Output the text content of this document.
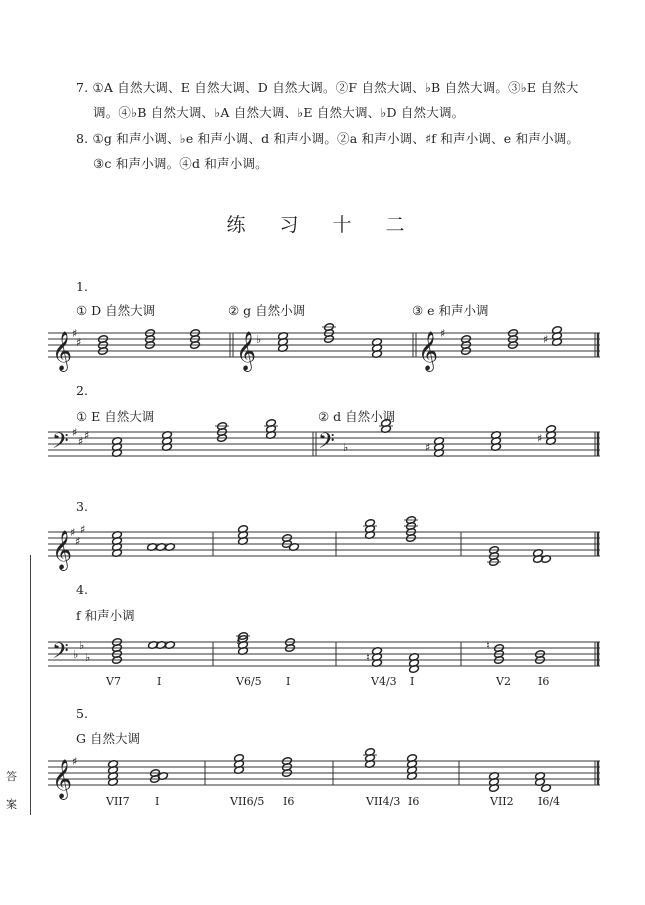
7. ①A 自然大调、E 自然大调、D 自然大调。②F 自然大调、♭B 自然大调。③♭E 自然大
调。④♭B 自然大调、♭A 自然大调、♭E 自然大调、♭D 自然大调。
8. ①g 和声小调、♭e 和声小调、d 和声小调。②a 和声小调、♯f 和声小调、e 和声小调。
③c 和声小调。④d 和声小调。
练 习 十 二
1.
① D 自然大调	② g 自然小调	③ e 和声小调
2.
① E 自然大调	② d 自然小调
3.
4.
f 和声小调
5.
G 自然大调
V7	I	V6/5 I	V4/3 I	V2 I6
VII7 I	VII6/5 I6	VII4/3 I6	VII2 I6/4
答
案
𝄞 ♯
♯	𝄞 ♭	𝄞 ♯	♯
𝄢 ♯
♯ ♯	𝄢 ♭	♯
♯
𝄞
♯
♯
♯
𝄢 ♭
♭
♭
♮
♮
♮
𝄞 ♯
